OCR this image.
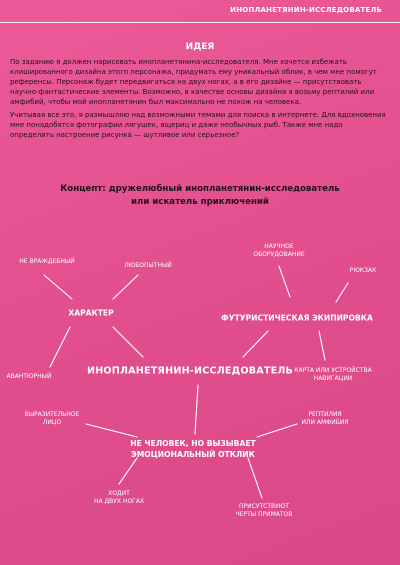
ИНОПЛАНЕТЯНИН-ИССЛЕДОВАТЕЛЬ
ИДЕЯ
По заданию я должен нарисовать инопланетянина-исследователя. Мне хочется избежать клишированного дизайна этого персонажа, придумать ему уникальный облик, в чем мне помогут референсы. Персонаж будет передвигаться на двух ногах, а в его дизайне — присутствовать научно-фантастические элементы. Возможно, в качестве основы дизайна я возьму рептилий или амфибий, чтобы мой инопланетянин был максимально не похож на человека.
Учитывая все это, я размышляю над возможными темами для поиска в интернете. Для вдохновения мне понадобятся фотографии лягушек, ящериц и даже необычных рыб. Также мне надо определить настроение рисунка — шутливое или серьезное?
Концепт: дружелюбный инопланетянин-исследователь
или искатель приключений
ХАРАКТЕР
НЕ ВРАЖДЕБНЫЙ
ЛЮБОПЫТНЫЙ
АВАНТЮРНЫЙ
ФУТУРИСТИЧЕСКАЯ ЭКИПИРОВКА
НАУЧНОЕ
ОБОРУДОВАНИЕ
РЮКЗАК
КАРТА ИЛИ УСТРОЙСТВА
НАВИГАЦИИ
ИНОПЛАНЕТЯНИН-ИССЛЕДОВАТЕЛЬ
НЕ ЧЕЛОВЕК, НО ВЫЗЫВАЕТ
ЭМОЦИОНАЛЬНЫЙ ОТКЛИК
ВЫРАЗИТЕЛЬНОЕ
ЛИЦО
РЕПТИЛИЯ
ИЛИ АМФИБИЯ
ХОДИТ
НА ДВУХ НОГАХ
ПРИСУТСТВУЮТ
ЧЕРТЫ ПРИМАТОВ
